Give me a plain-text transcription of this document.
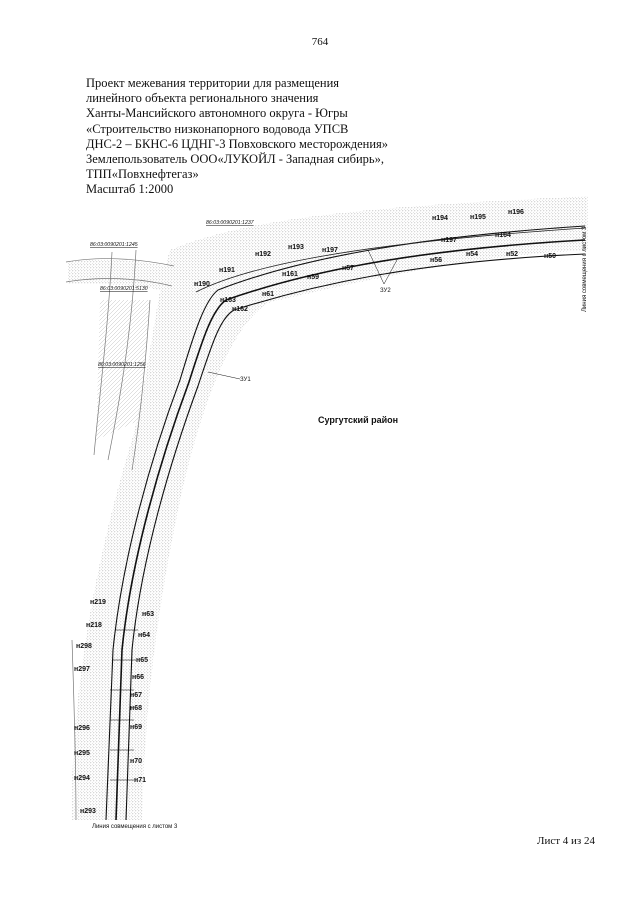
764
Проект межевания территории для размещения
линейного объекта регионального значения
Ханты-Мансийского автономного округа - Югры
«Строительство низконапорного водовода УПСВ
ДНС-2 – БКНС-6 ЦДНГ-3 Повховского месторождения»
Землепользователь ООО«ЛУКОЙЛ - Западная сибирь»,
ТПП«Повхнефтегаз»
Масштаб 1:2000
86:03:0090201:1237
86:03:0090201:1245
86:03:0090201:5130
86:03:0090201:1256
ЗУ1
ЗУ2
Сургутский район
н190
н191
н192
н193
н194	н195
н196
н163
н162
н161 н59
н57
н56
н54	н52	н50
н197
н197
н164
н61
н219
н218
н298
н297
н296
н295
н294
н293
н63
н64
н65
н66
н67
н68
н69
н70
н71
Линия совмещения с листом 3
Линия совмещения с листом 3
Лист 4 из 24
